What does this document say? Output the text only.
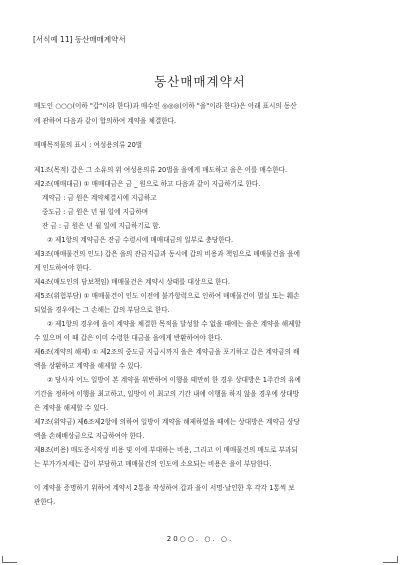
[서식예 11] 동산매매계약서
동산매매계약서
매도인 ○○○(이하 "갑"이라 한다)과 매수인 ◎◎◎(이하 "을"이라 한다)은 아래 표시의 동산
에 관하여 다음과 같이 합의하여 계약을 체결한다.
매매목적물의 표시 : 여성용의류 20벌
제1조(목적) 갑은 그 소유의 위 여성용의류 20벌을 을에게 매도하고 을은 이를 매수한다.
제2조(매매대금) ① 매매대금은 금 _ 원으로 하고 다음과 같이 지급하기로 한다.
계약금 : 금 원은 계약체결시에 지급하고
중도금 : 금 원은 년 월 일에 지급하며
잔 금 : 금 원은 년 월 일에 지급하기로 함.
② 제1항의 계약금은 잔금 수령시에 매매대금의 일부로 충당한다.
제3조(매매물건의 인도) 갑은 을의 잔금지급과 동시에 갑의 비용과 책임으로 매매물건을 을에
게 인도하여야 한다.
제4조(매도인의 담보책임) 매매물건은 계약시 상태를 대상으로 한다.
제5조(위험부담) ① 매매물건이 인도 이전에 불가항력으로 인하여 매매물건이 멸실 또는 훼손
되었을 경우에는 그 손해는 갑의 부담으로 한다.
② 제1항의 경우에 을이 계약을 체결한 목적을 달성할 수 없을 때에는 을은 계약을 해제할
수 있으며 이 때 갑은 이미 수령한 대금을 을에게 반환하여야 한다.
제6조(계약의 해제) ① 제2조의 중도금 지급시까지 을은 계약금을 포기하고 갑은 계약금의 배
액을 상환하고 계약을 해제할 수 있다.
② 당사자 어느 일방이 본 계약을 위반하여 이행을 태만히 한 경우 상대방은 1주간의 유예
기간을 정하여 이행을 최고하고, 일방이 이 최고의 기간 내에 이행을 하지 않을 경우에 상대방
은 계약을 해제할 수 있다.
제7조(위약금) 제6조제2항에 의하여 일방이 계약을 해제하였을 때에는 상대방은 계약금 상당
액을 손해배상금으로 지급하여야 한다.
제8조(비용) 매도증서작성 비용 및 이에 부대하는 비용, 그리고 이 매매물건의 매도로 부과되
는 부가가치세는 갑이 부담하고 매매물건의 인도에 소요되는 비용은 을이 부담한다.
이 계약을 증명하기 위하여 계약서 2통을 작성하여 갑과 을이 서명·날인한 후 각각 1통씩 보
관한다.
20○○. ○. ○.
